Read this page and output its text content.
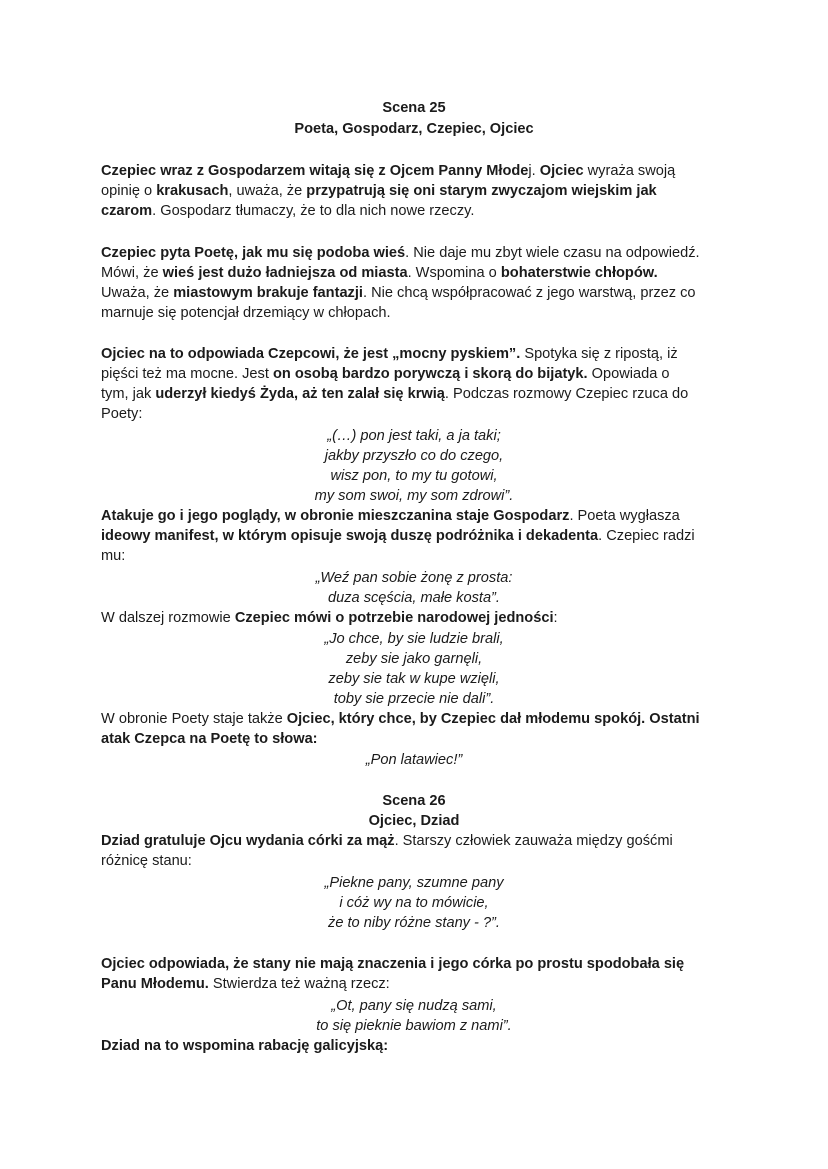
Scena 25
Poeta, Gospodarz, Czepiec, Ojciec
Czepiec wraz z Gospodarzem witają się z Ojcem Panny Młodej. Ojciec wyraża swoją
opinię o krakusach, uważa, że przypatrują się oni starym zwyczajom wiejskim jak
czarom. Gospodarz tłumaczy, że to dla nich nowe rzeczy.
Czepiec pyta Poetę, jak mu się podoba wieś. Nie daje mu zbyt wiele czasu na odpowiedź.
Mówi, że wieś jest dużo ładniejsza od miasta. Wspomina o bohaterstwie chłopów.
Uważa, że miastowym brakuje fantazji. Nie chcą współpracować z jego warstwą, przez co
marnuje się potencjał drzemiący w chłopach.
Ojciec na to odpowiada Czepcowi, że jest „mocny pyskiem”. Spotyka się z ripostą, iż
pięści też ma mocne. Jest on osobą bardzo porywczą i skorą do bijatyk. Opowiada o
tym, jak uderzył kiedyś Żyda, aż ten zalał się krwią. Podczas rozmowy Czepiec rzuca do
Poety:
„(…) pon jest taki, a ja taki;
jakby przyszło co do czego,
wisz pon, to my tu gotowi,
my som swoi, my som zdrowi”.
Atakuje go i jego poglądy, w obronie mieszczanina staje Gospodarz. Poeta wygłasza
ideowy manifest, w którym opisuje swoją duszę podróżnika i dekadenta. Czepiec radzi
mu:
„Weź pan sobie żonę z prosta:
duza scęścia, małe kosta”.
W dalszej rozmowie Czepiec mówi o potrzebie narodowej jedności:
„Jo chce, by sie ludzie brali,
zeby sie jako garnęli,
zeby sie tak w kupe wzięli,
toby sie przecie nie dali”.
W obronie Poety staje także Ojciec, który chce, by Czepiec dał młodemu spokój. Ostatni
atak Czepca na Poetę to słowa:
„Pon latawiec!”
Scena 26
Ojciec, Dziad
Dziad gratuluje Ojcu wydania córki za mąż. Starszy człowiek zauważa między gośćmi
różnicę stanu:
„Piekne pany, szumne pany
i cóż wy na to mówicie,
że to niby różne stany - ?”.
Ojciec odpowiada, że stany nie mają znaczenia i jego córka po prostu spodobała się
Panu Młodemu. Stwierdza też ważną rzecz:
„Ot, pany się nudzą sami,
to się pieknie bawiom z nami”.
Dziad na to wspomina rabację galicyjską:
